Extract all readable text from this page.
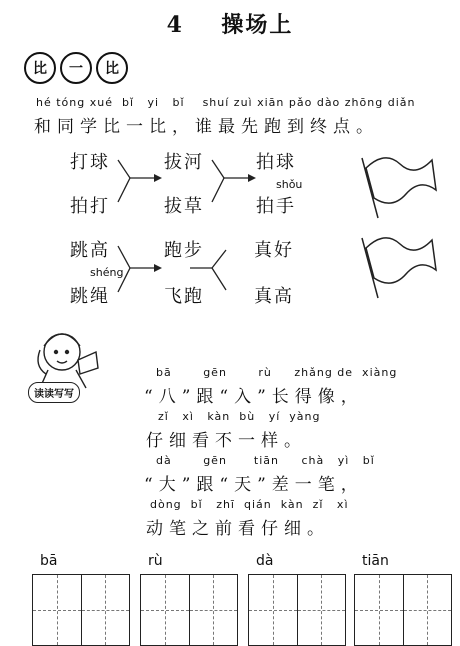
4 操场上
比	一	比
hé tóng xué  bǐ   yi   bǐ    shuí zuì xiān pǎo dào zhōng diǎn
和同学比一比，谁最先跑到终点。
打球
拍打
拔河
拔草
拍球
shǒu
拍手
跳高
shéng
跳绳
跑步
飞跑
真好
真高
读读写写
bā       gēn       rù     zhǎng de  xiàng
“八”跟“入”长得像，
zǐ   xì   kàn  bù   yí  yàng
仔细看不一样。
dà       gēn      tiān     chà   yì   bǐ
“大”跟“天”差一笔，
dòng  bǐ   zhī  qián  kàn  zǐ   xì
动笔之前看仔细。
bā	rù	dà	tiān
